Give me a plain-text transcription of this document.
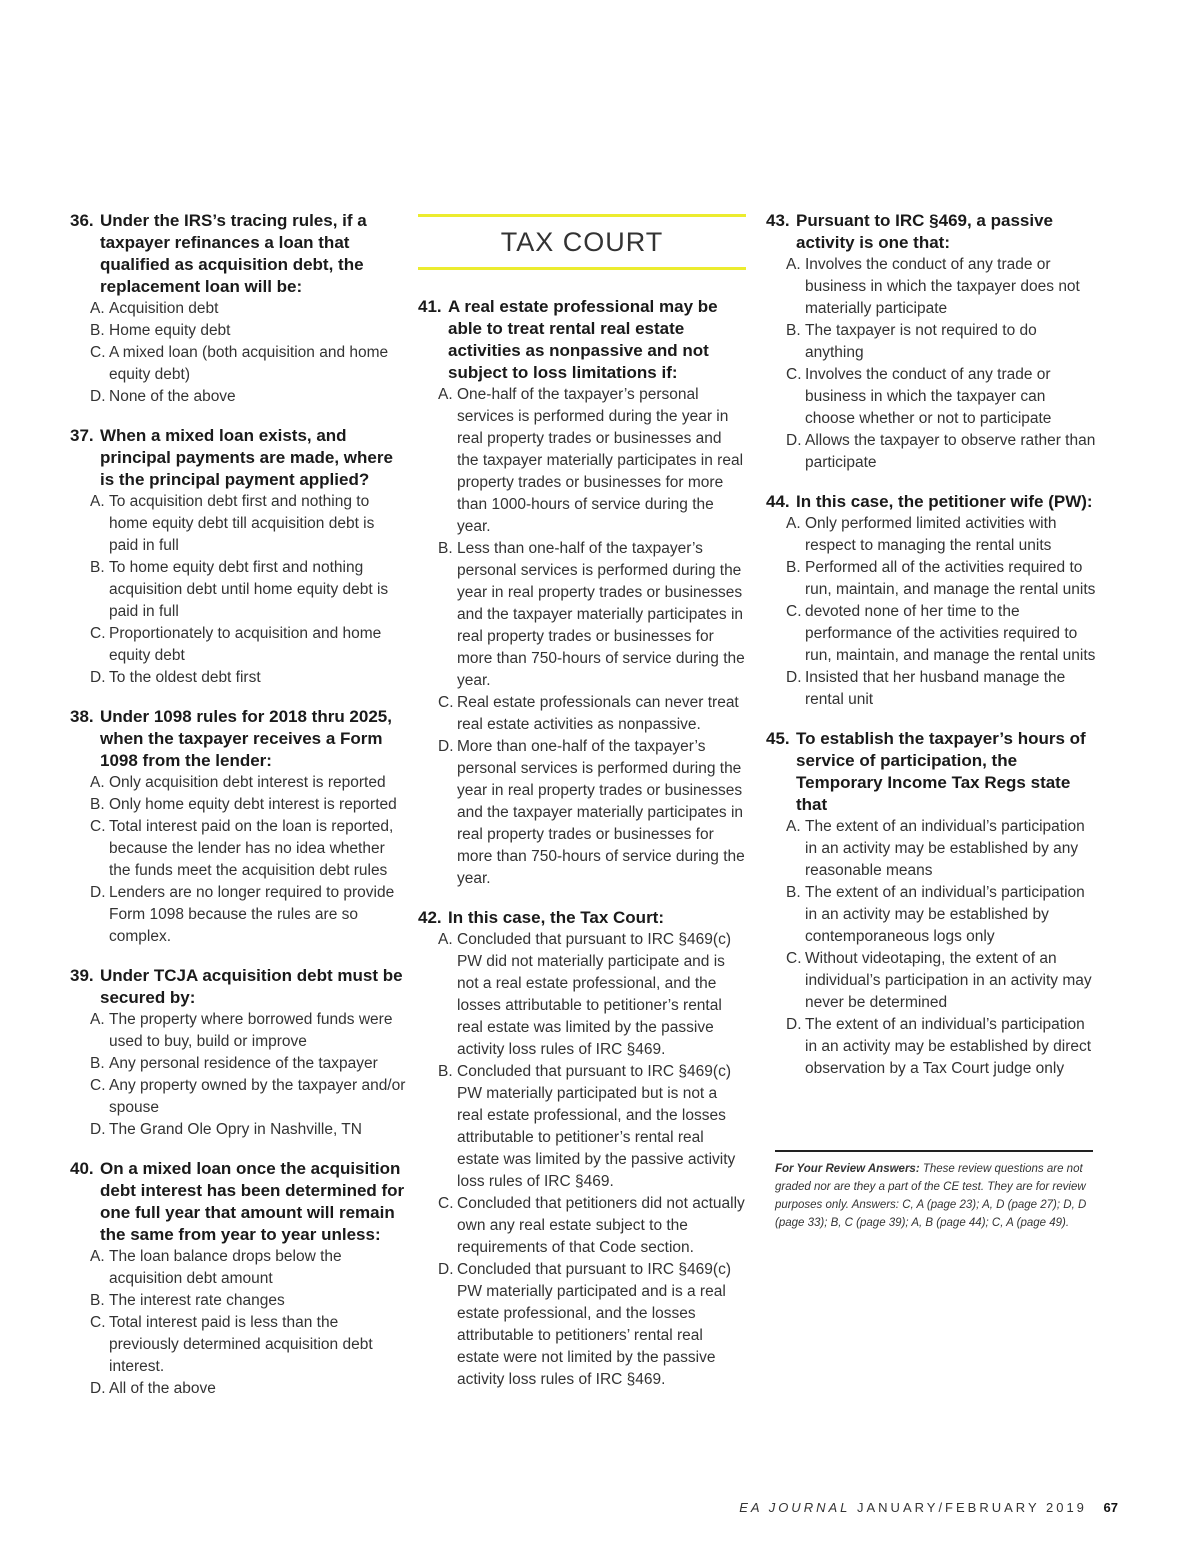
36. Under the IRS’s tracing rules, if a taxpayer refinances a loan that qualified as acquisition debt, the replacement loan will be:

A. Acquisition debt
B. Home equity debt
C. A mixed loan (both acquisition and home equity debt)
D. None of the above

37. When a mixed loan exists, and principal payments are made, where is the principal payment applied?

A. To acquisition debt first and nothing to home equity debt till acquisition debt is paid in full
B. To home equity debt first and nothing acquisition debt until home equity debt is paid in full
C. Proportionately to acquisition and home equity debt
D. To the oldest debt first

38. Under 1098 rules for 2018 thru 2025, when the taxpayer receives a Form 1098 from the lender:

A. Only acquisition debt interest is reported
B. Only home equity debt interest is reported
C. Total interest paid on the loan is reported, because the lender has no idea whether the funds meet the acquisition debt rules
D. Lenders are no longer required to provide Form 1098 because the rules are so complex.

39. Under TCJA acquisition debt must be secured by:

A. The property where borrowed funds were used to buy, build or improve
B. Any personal residence of the taxpayer
C. Any property owned by the taxpayer and/or spouse
D. The Grand Ole Opry in Nashville, TN

40. On a mixed loan once the acquisition debt interest has been determined for one full year that amount will remain the same from year to year unless:

A. The loan balance drops below the acquisition debt amount
B. The interest rate changes
C. Total interest paid is less than the previously determined acquisition debt interest.
D. All of the above
TAX COURT

41. A real estate professional may be able to treat rental real estate activities as nonpassive and not subject to loss limitations if:

A. One-half of the taxpayer’s personal services is performed during the year in real property trades or businesses and the taxpayer materially participates in real property trades or businesses for more than 1000-hours of service during the year.
B. Less than one-half of the taxpayer’s personal services is performed during the year in real property trades or businesses and the taxpayer materially participates in real property trades or businesses for more than 750-hours of service during the year.
C. Real estate professionals can never treat real estate activities as nonpassive.
D. More than one-half of the taxpayer’s personal services is performed during the year in real property trades or businesses and the taxpayer materially participates in real property trades or businesses for more than 750-hours of service during the year.

42. In this case, the Tax Court:

A. Concluded that pursuant to IRC §469(c) PW did not materially participate and is not a real estate professional, and the losses attributable to petitioner’s rental real estate was limited by the passive activity loss rules of IRC §469.
B. Concluded that pursuant to IRC §469(c) PW materially participated but is not a real estate professional, and the losses attributable to petitioner’s rental real estate was limited by the passive activity loss rules of IRC §469.
C. Concluded that petitioners did not actually own any real estate subject to the requirements of that Code section.
D. Concluded that pursuant to IRC §469(c) PW materially participated and is a real estate professional, and the losses attributable to petitioners’ rental real estate were not limited by the passive activity loss rules of IRC §469.

43. Pursuant to IRC §469, a passive activity is one that:

A. Involves the conduct of any trade or business in which the taxpayer does not materially participate
B. The taxpayer is not required to do anything
C. Involves the conduct of any trade or business in which the taxpayer can choose whether or not to participate
D. Allows the taxpayer to observe rather than participate

44. In this case, the petitioner wife (PW):

A. Only performed limited activities with respect to managing the rental units
B. Performed all of the activities required to run, maintain, and manage the rental units
C. devoted none of her time to the performance of the activities required to run, maintain, and manage the rental units
D. Insisted that her husband manage the rental unit

45. To establish the taxpayer’s hours of service of participation, the Temporary Income Tax Regs state that

A. The extent of an individual’s participation in an activity may be established by any reasonable means
B. The extent of an individual’s participation in an activity may be established by contemporaneous logs only
C. Without videotaping, the extent of an individual’s participation in an activity may never be determined
D. The extent of an individual’s participation in an activity may be established by direct observation by a Tax Court judge only
For Your Review Answers: These review questions are not graded nor are they a part of the CE test. They are for review purposes only. Answers: C, A (page 23); A, D (page 27); D, D (page 33); B, C (page 39); A, B (page 44); C, A (page 49).
EA JOURNAL JANUARY/FEBRUARY 2019 67
